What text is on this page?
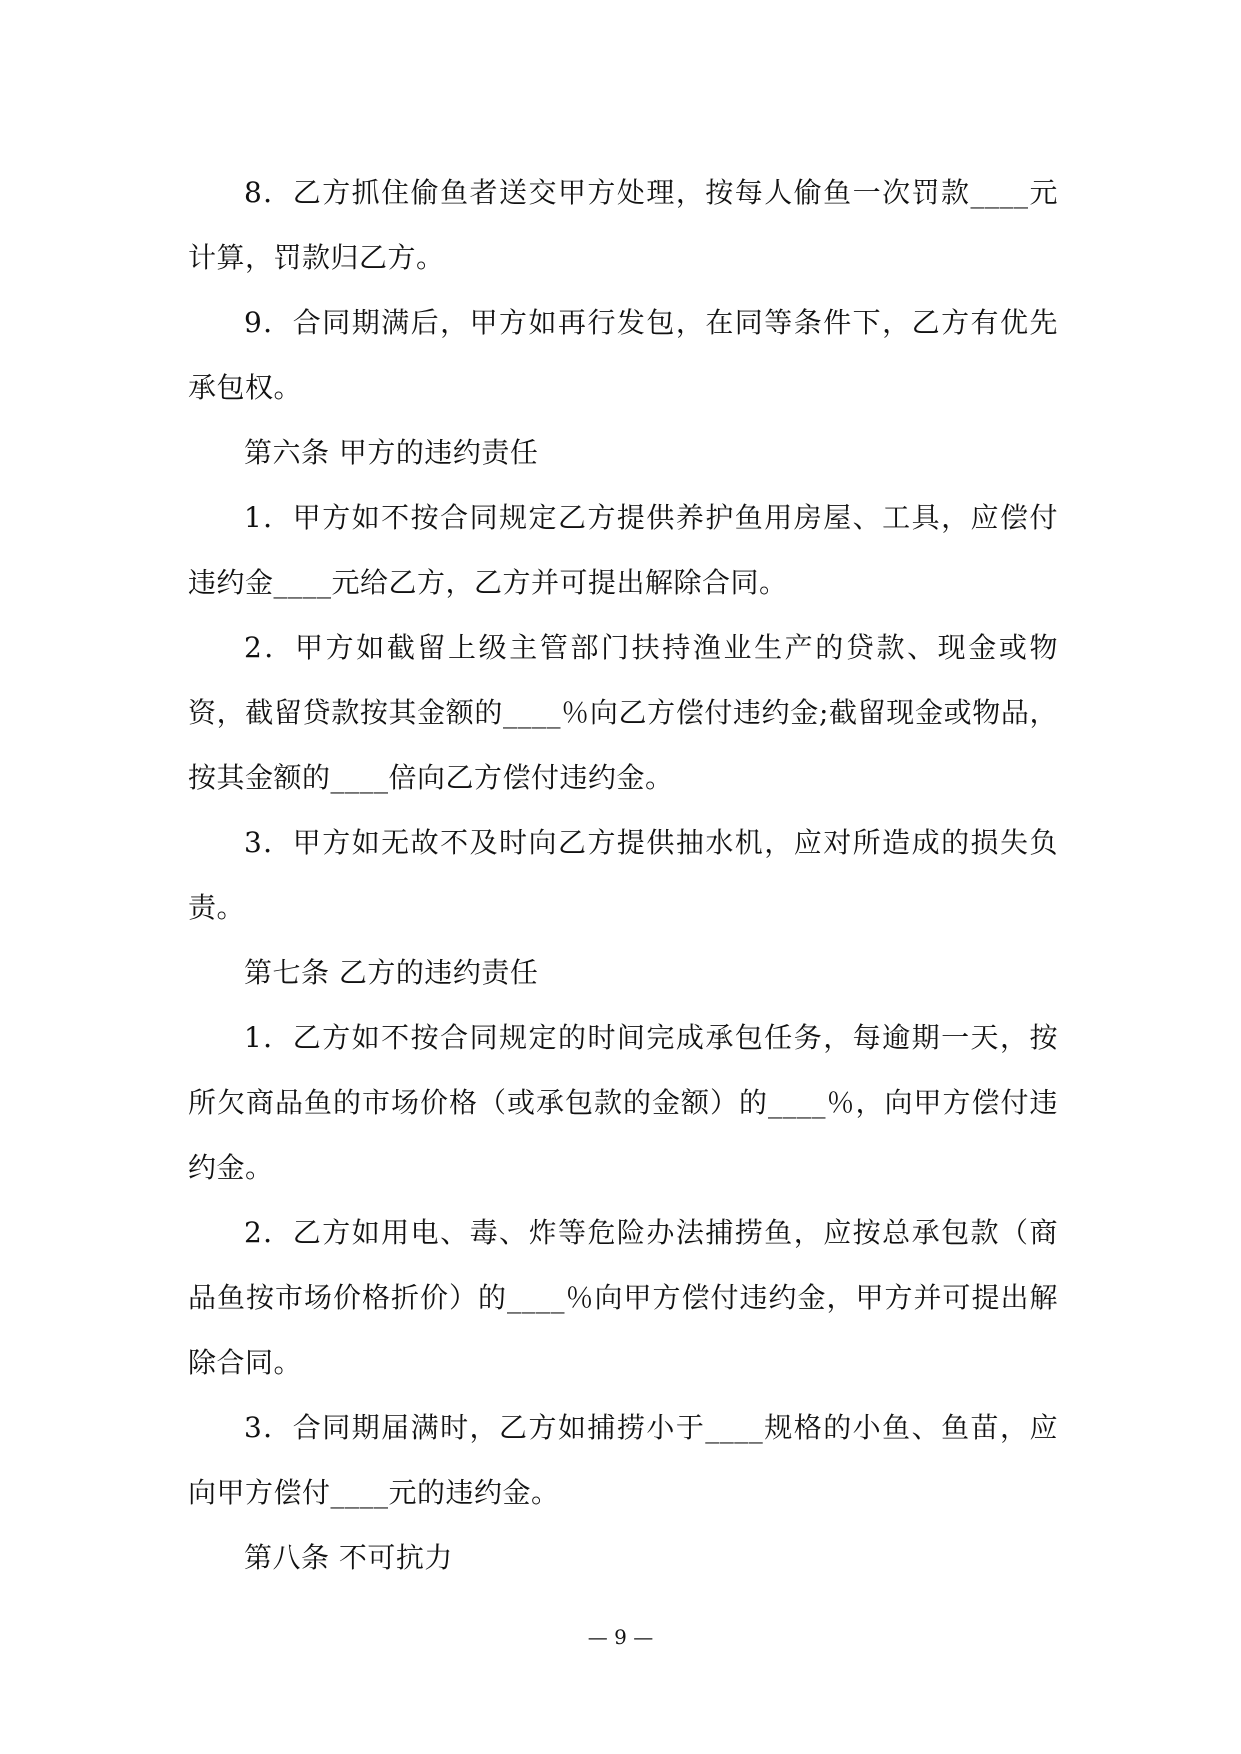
8．乙方抓住偷鱼者送交甲方处理，按每人偷鱼一次罚款____元计算，罚款归乙方。

9．合同期满后，甲方如再行发包，在同等条件下，乙方有优先承包权。

第六条 甲方的违约责任

1．甲方如不按合同规定乙方提供养护鱼用房屋、工具，应偿付违约金____元给乙方，乙方并可提出解除合同。

2．甲方如截留上级主管部门扶持渔业生产的贷款、现金或物资，截留贷款按其金额的____％向乙方偿付违约金;截留现金或物品，按其金额的____倍向乙方偿付违约金。

3．甲方如无故不及时向乙方提供抽水机，应对所造成的损失负责。

第七条 乙方的违约责任

1．乙方如不按合同规定的时间完成承包任务，每逾期一天，按所欠商品鱼的市场价格（或承包款的金额）的____％，向甲方偿付违约金。

2．乙方如用电、毒、炸等危险办法捕捞鱼，应按总承包款（商品鱼按市场价格折价）的____％向甲方偿付违约金，甲方并可提出解除合同。

3．合同期届满时，乙方如捕捞小于____规格的小鱼、鱼苗，应向甲方偿付____元的违约金。

第八条 不可抗力

— 9 —
